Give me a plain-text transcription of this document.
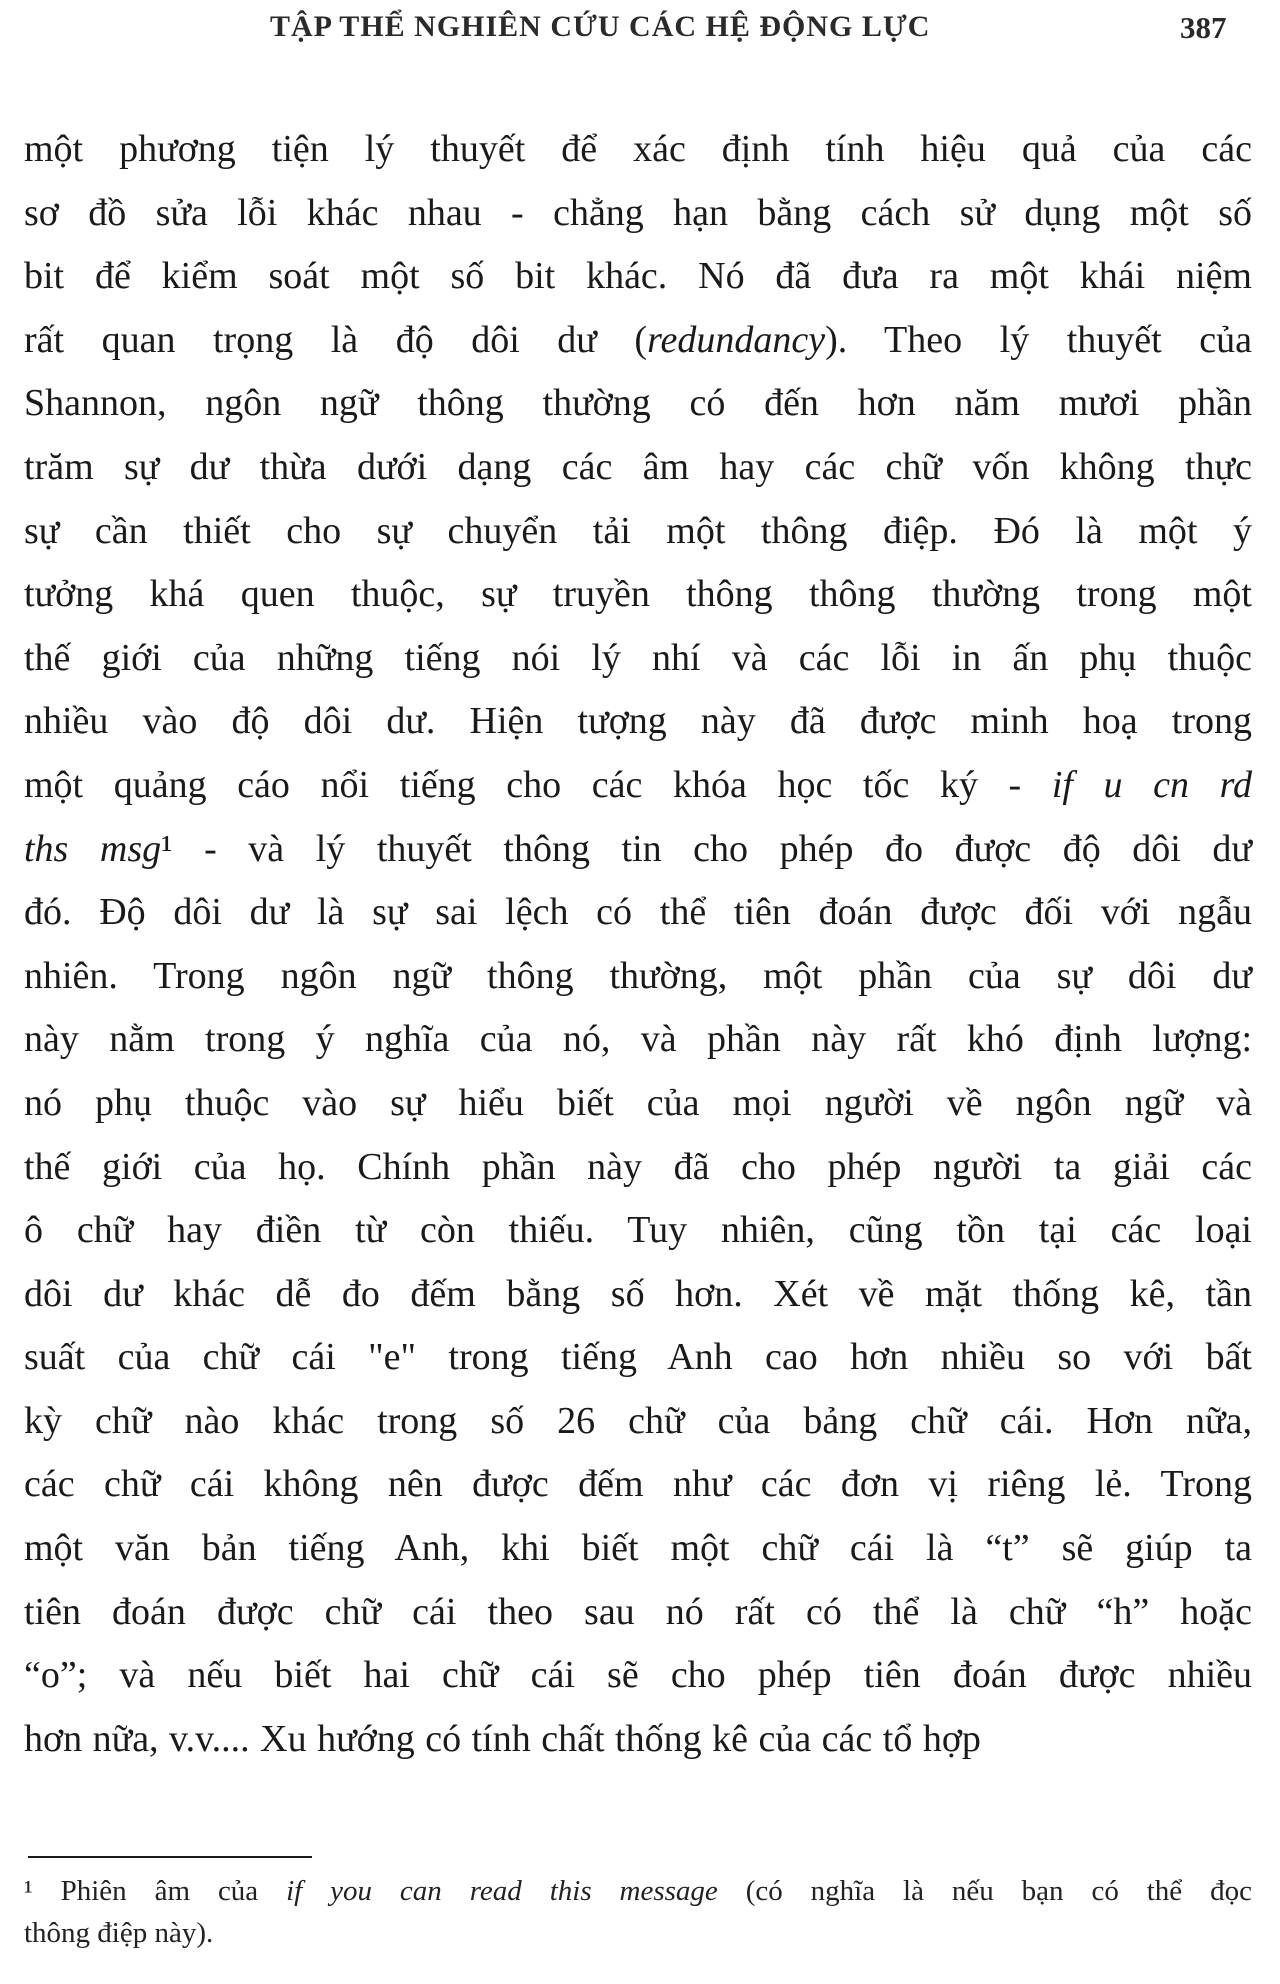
TẬP THỂ NGHIÊN CỨU CÁC HỆ ĐỘNG LỰC	387
một phương tiện lý thuyết để xác định tính hiệu quả của các
sơ đồ sửa lỗi khác nhau - chẳng hạn bằng cách sử dụng một số
bit để kiểm soát một số bit khác. Nó đã đưa ra một khái niệm
rất quan trọng là độ dôi dư (redundancy). Theo lý thuyết của
Shannon, ngôn ngữ thông thường có đến hơn năm mươi phần
trăm sự dư thừa dưới dạng các âm hay các chữ vốn không thực
sự cần thiết cho sự chuyển tải một thông điệp. Đó là một ý
tưởng khá quen thuộc, sự truyền thông thông thường trong một
thế giới của những tiếng nói lý nhí và các lỗi in ấn phụ thuộc
nhiều vào độ dôi dư. Hiện tượng này đã được minh hoạ trong
một quảng cáo nổi tiếng cho các khóa học tốc ký - if u cn rd
ths msg¹ - và lý thuyết thông tin cho phép đo được độ dôi dư
đó. Độ dôi dư là sự sai lệch có thể tiên đoán được đối với ngẫu
nhiên. Trong ngôn ngữ thông thường, một phần của sự dôi dư
này nằm trong ý nghĩa của nó, và phần này rất khó định lượng:
nó phụ thuộc vào sự hiểu biết của mọi người về ngôn ngữ và
thế giới của họ. Chính phần này đã cho phép người ta giải các
ô chữ hay điền từ còn thiếu. Tuy nhiên, cũng tồn tại các loại
dôi dư khác dễ đo đếm bằng số hơn. Xét về mặt thống kê, tần
suất của chữ cái "e" trong tiếng Anh cao hơn nhiều so với bất
kỳ chữ nào khác trong số 26 chữ của bảng chữ cái. Hơn nữa,
các chữ cái không nên được đếm như các đơn vị riêng lẻ. Trong
một văn bản tiếng Anh, khi biết một chữ cái là “t” sẽ giúp ta
tiên đoán được chữ cái theo sau nó rất có thể là chữ “h” hoặc
“o”; và nếu biết hai chữ cái sẽ cho phép tiên đoán được nhiều
hơn nữa, v.v.... Xu hướng có tính chất thống kê của các tổ hợp
¹ Phiên âm của if you can read this message (có nghĩa là nếu bạn có thể đọc
thông điệp này).
